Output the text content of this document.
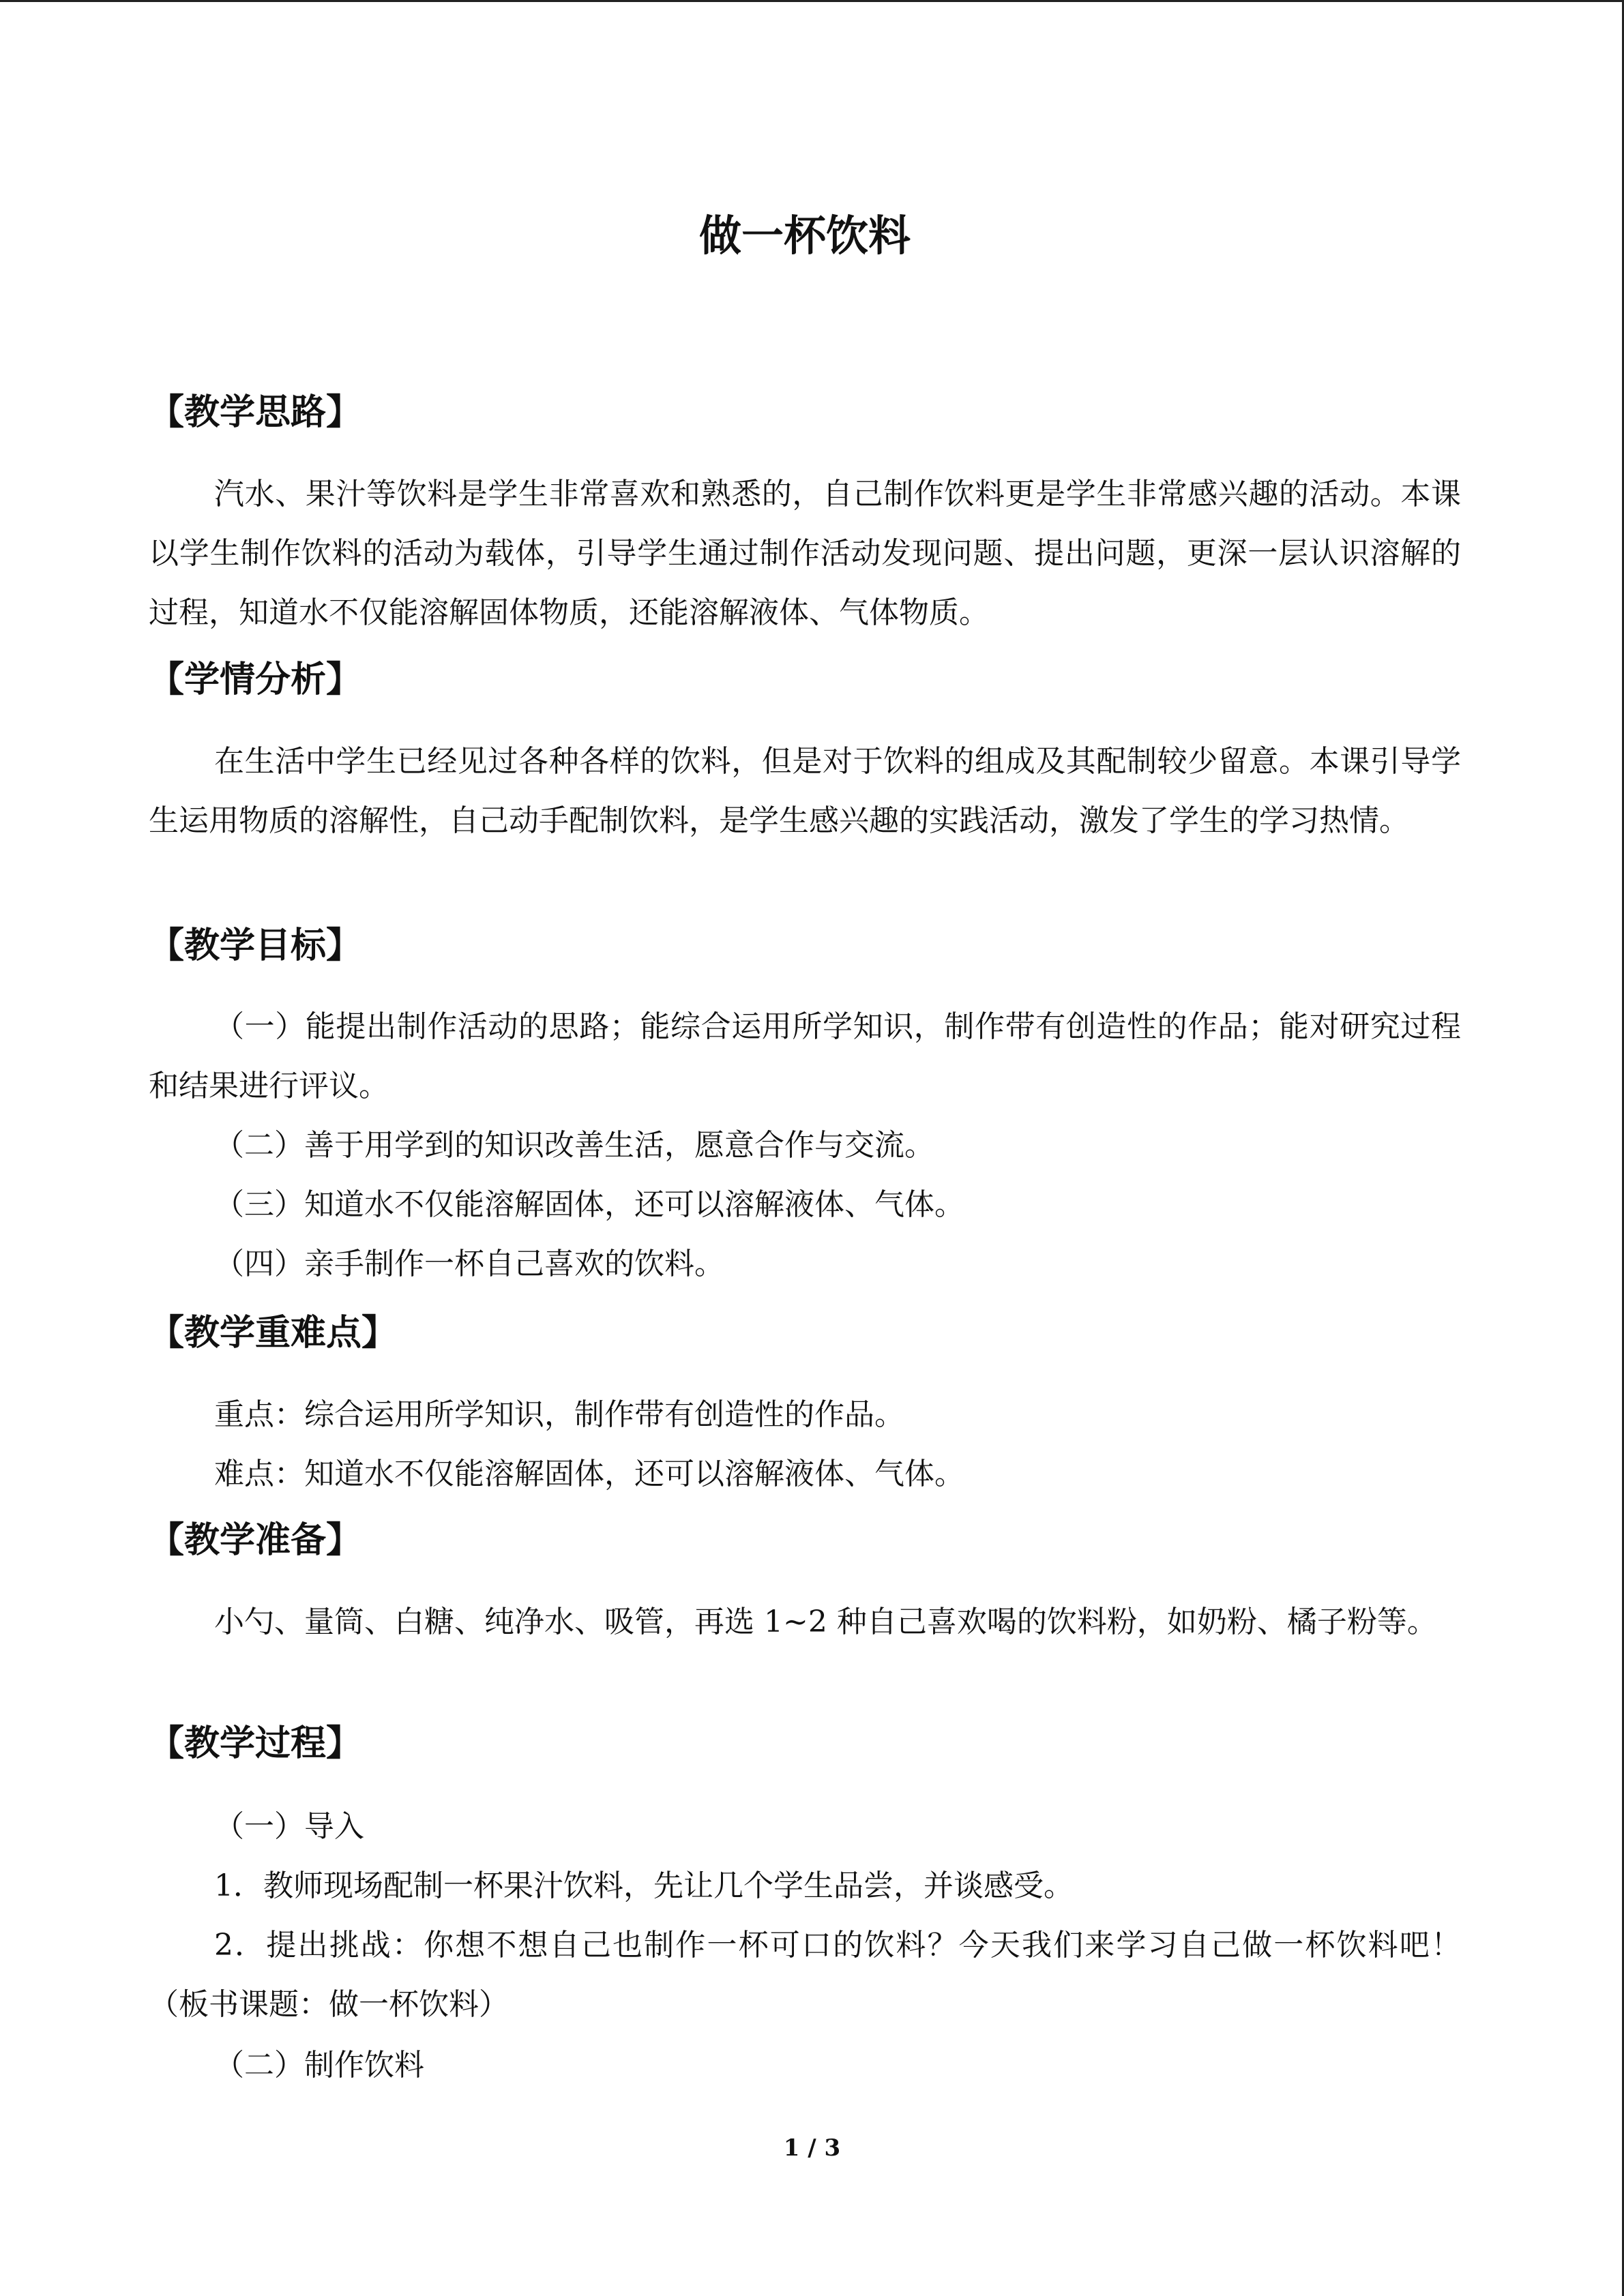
做一杯饮料
【教学思路】

汽水、果汁等饮料是学生非常喜欢和熟悉的，自己制作饮料更是学生非常感兴趣的活动。本课以学生制作饮料的活动为载体，引导学生通过制作活动发现问题、提出问题，更深一层认识溶解的过程，知道水不仅能溶解固体物质，还能溶解液体、气体物质。

【学情分析】

在生活中学生已经见过各种各样的饮料，但是对于饮料的组成及其配制较少留意。本课引导学生运用物质的溶解性，自己动手配制饮料，是学生感兴趣的实践活动，激发了学生的学习热情。

【教学目标】

（一）能提出制作活动的思路；能综合运用所学知识，制作带有创造性的作品；能对研究过程和结果进行评议。

（二）善于用学到的知识改善生活，愿意合作与交流。

（三）知道水不仅能溶解固体，还可以溶解液体、气体。

（四）亲手制作一杯自己喜欢的饮料。

【教学重难点】

重点：综合运用所学知识，制作带有创造性的作品。

难点：知道水不仅能溶解固体，还可以溶解液体、气体。

【教学准备】

小勺、量筒、白糖、纯净水、吸管，再选 1~2 种自己喜欢喝的饮料粉，如奶粉、橘子粉等。

【教学过程】

（一）导入

1．教师现场配制一杯果汁饮料，先让几个学生品尝，并谈感受。

2．提出挑战：你想不想自己也制作一杯可口的饮料？今天我们来学习自己做一杯饮料吧！（板书课题：做一杯饮料）

（二）制作饮料

1 / 3
